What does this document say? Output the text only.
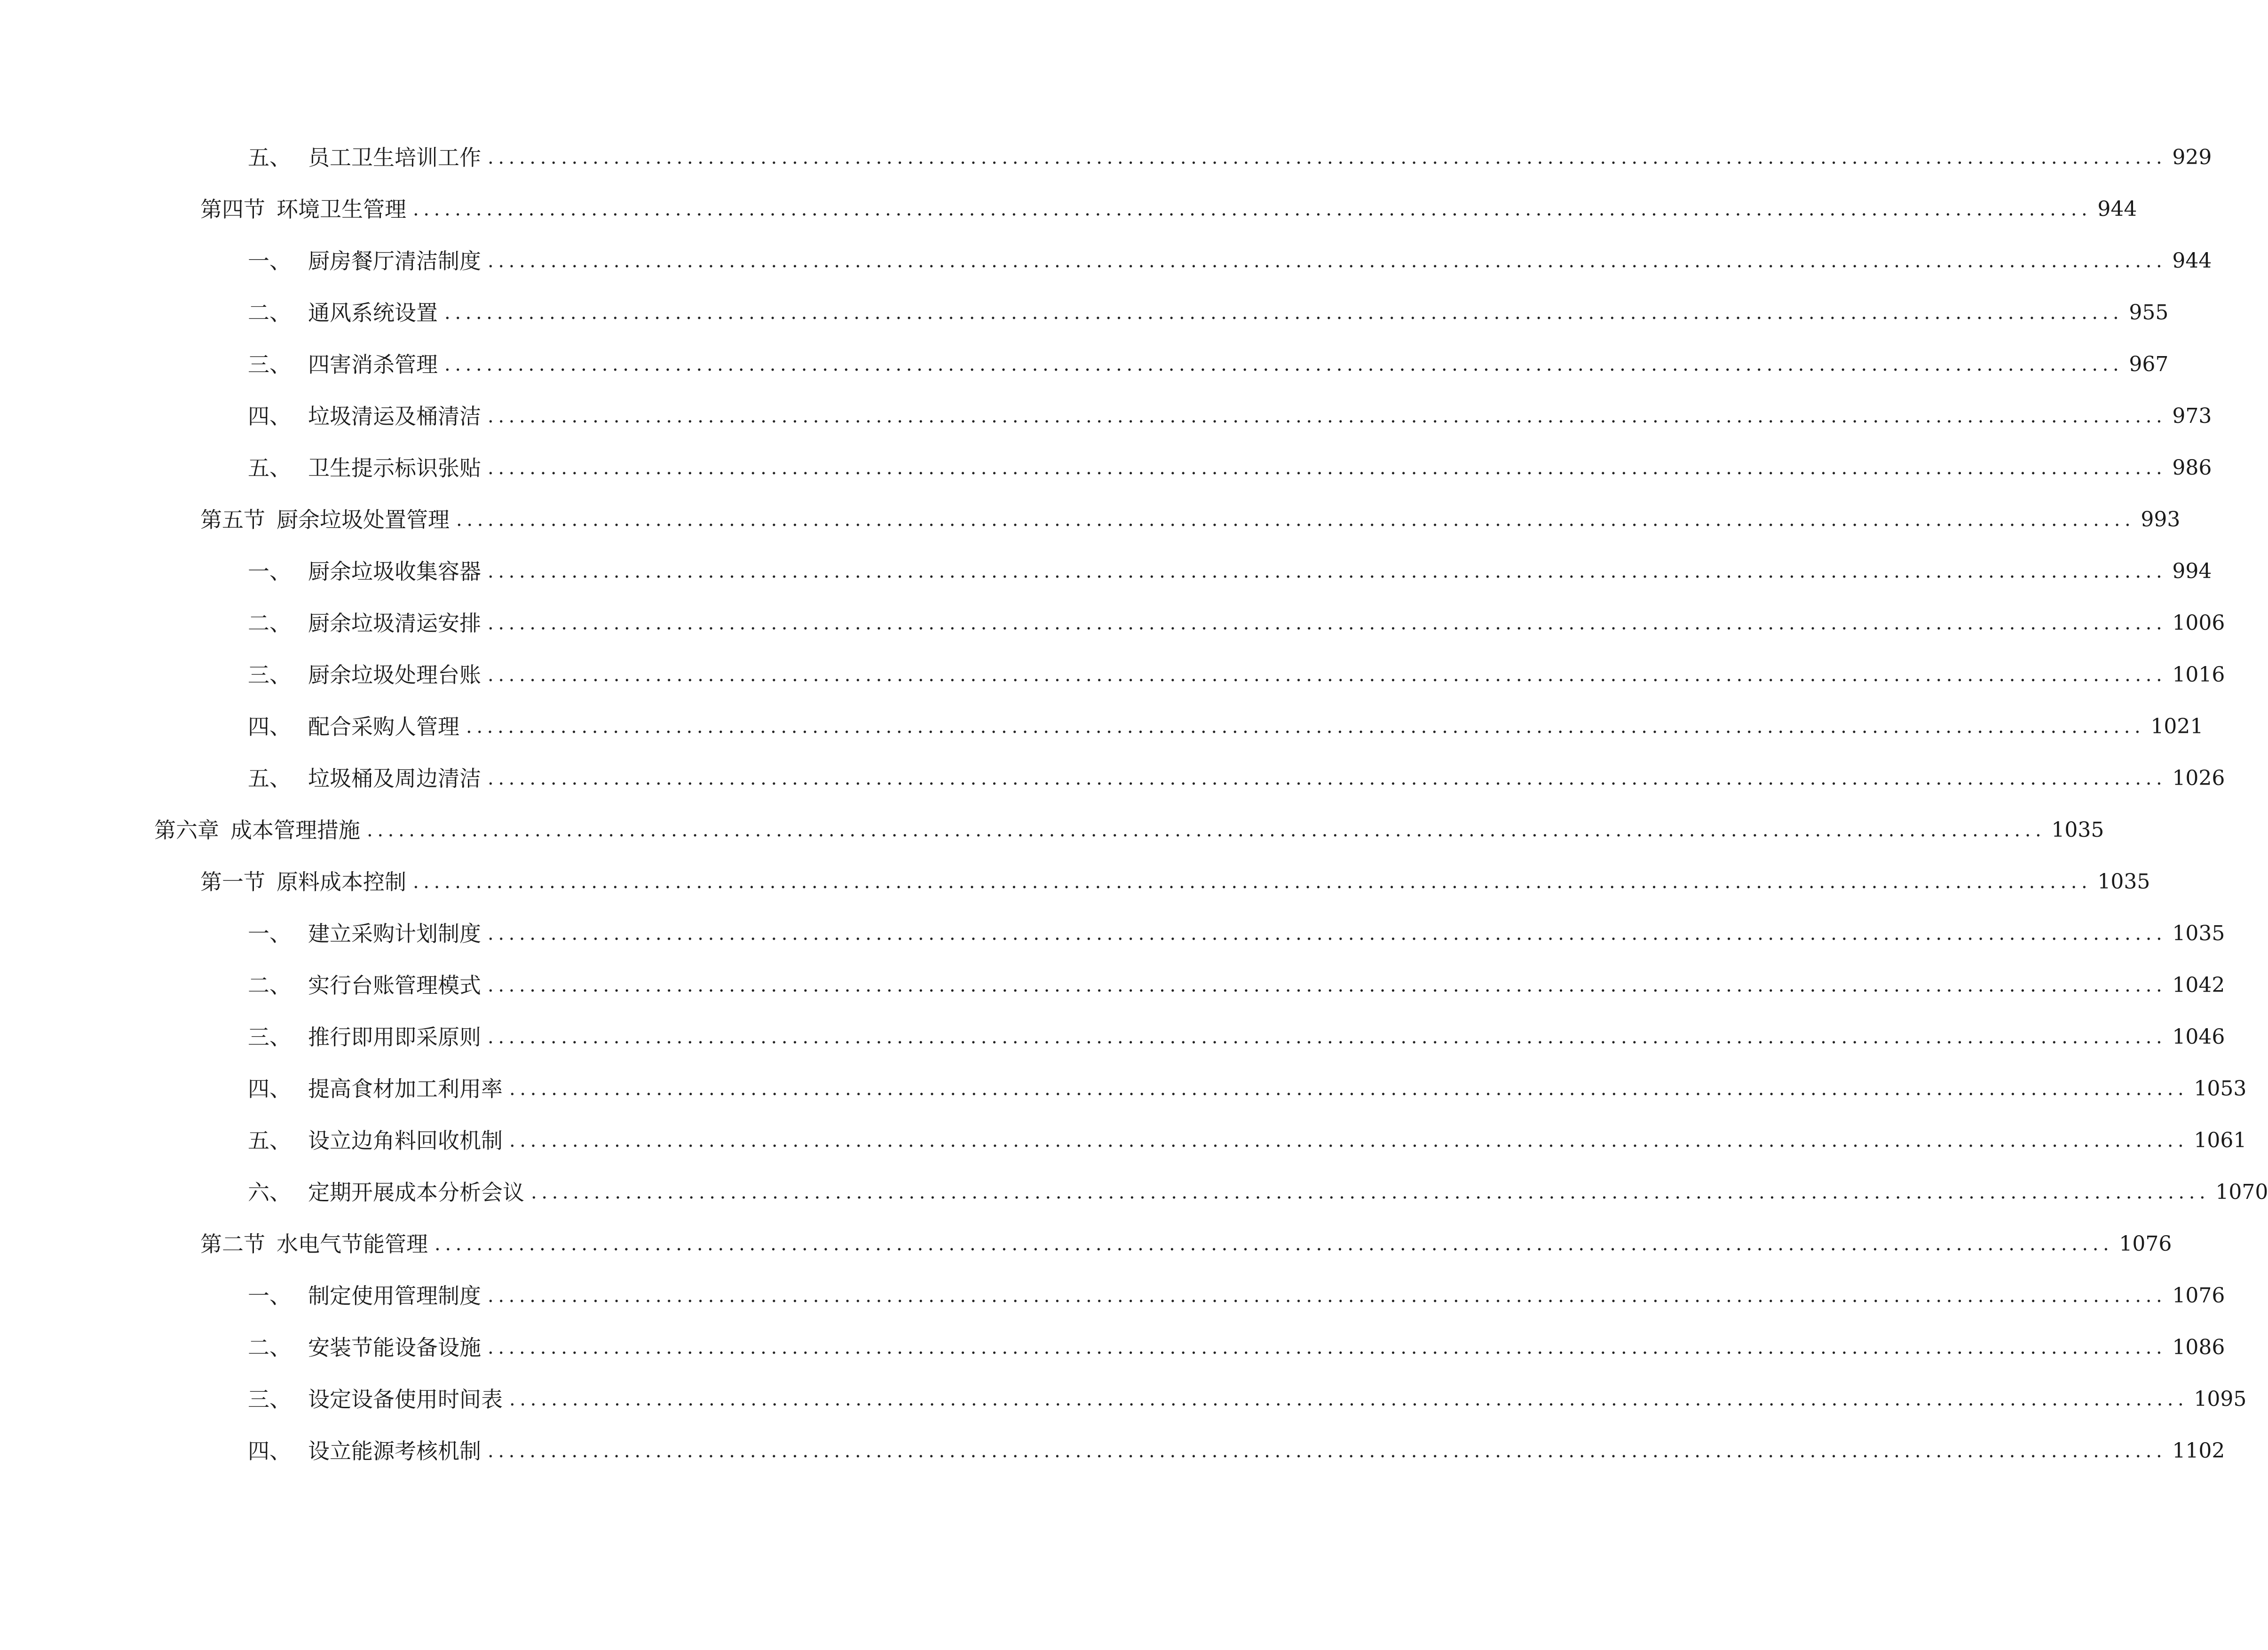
五、 员工卫生培训工作 ................................................................................................................................................................ 929
第四节 环境卫生管理 ................................................................................................................................................................ 944
一、 厨房餐厅清洁制度 ................................................................................................................................................................ 944
二、 通风系统设置 ................................................................................................................................................................ 955
三、 四害消杀管理 ................................................................................................................................................................ 967
四、 垃圾清运及桶清洁 ................................................................................................................................................................ 973
五、 卫生提示标识张贴 ................................................................................................................................................................ 986
第五节 厨余垃圾处置管理 ................................................................................................................................................................ 993
一、 厨余垃圾收集容器 ................................................................................................................................................................ 994
二、 厨余垃圾清运安排 ................................................................................................................................................................ 1006
三、 厨余垃圾处理台账 ................................................................................................................................................................ 1016
四、 配合采购人管理 ................................................................................................................................................................ 1021
五、 垃圾桶及周边清洁 ................................................................................................................................................................ 1026
第六章 成本管理措施 ................................................................................................................................................................ 1035
第一节 原料成本控制 ................................................................................................................................................................ 1035
一、 建立采购计划制度 ................................................................................................................................................................ 1035
二、 实行台账管理模式 ................................................................................................................................................................ 1042
三、 推行即用即采原则 ................................................................................................................................................................ 1046
四、 提高食材加工利用率 ................................................................................................................................................................ 1053
五、 设立边角料回收机制 ................................................................................................................................................................ 1061
六、 定期开展成本分析会议 ................................................................................................................................................................ 1070
第二节 水电气节能管理 ................................................................................................................................................................ 1076
一、 制定使用管理制度 ................................................................................................................................................................ 1076
二、 安装节能设备设施 ................................................................................................................................................................ 1086
三、 设定设备使用时间表 ................................................................................................................................................................ 1095
四、 设立能源考核机制 ................................................................................................................................................................ 1102
